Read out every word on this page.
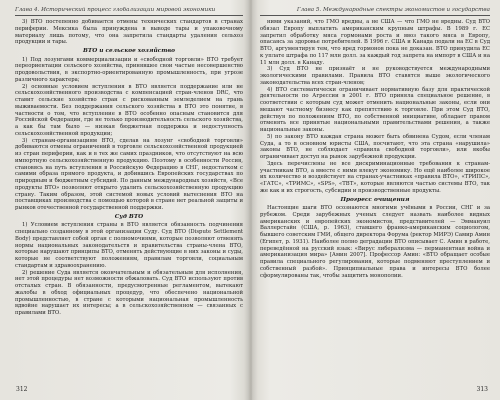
Глава 4. Исторический процесс глобализации мировой экономики
3) ВТО постепенно добивается отмены технических стандартов в странах периферии. Мексика была принуждена в выводе тары и упаковочному материалу лишь потому, что она запретила стандарты удаления сельхоз продукции и тары.
ВТО и сельское хозяйство
1) Под лозунгами коммерциализации и «свободной торговли» ВТО требует переориентации сельского хозяйства, принявшее свои частые несовершенство продовольствия, в экспортно-ориентированную промышленность, при угрозе различного характера;
2) основные условием вступления в ВТО является поддержание или не сельскохозяйственного производства с компенсацией стран-членов DRC, что ставит сельские хозяйство стран с рискованным земледелием на грань выживаемости. Без поддержания сельского хозяйства в ВТО это понятие, в частности о том, что вступление в ВТО особенно опасным становится для Российской Федерации, где не только производительность сельского хозяйства, а как бы там было — низкая бюджетная поддержка и недоступность сельскохозяйственной продукции;
3) странам-организациям ВТО, сделав на лозунг «свободной торговли» добиваются отмены ограничений в торговле сельскохозяйственной продукцией из стран периферии, как и в тех же самих праздников, что отсутствуют на всю импортную сельскохозяйственную продукцию. Поэтому в особенности Россия, становясь на путь вступления в Российскую Федерацию в СНГ, недостатком с самими образа прямого продукта, и добившись Европейских государствах по природным и бюджетным субсидий. По данным международных хозяйств, «Все продукты ВТО» позволяют открыто удалить сельскохозяйственную продукцию страну. Таким образом, этой системой новых условий вытеснения ВТО на поставщиках производства с помощью которой в стране нет реальной защиты и рынков отечественной государственной поддержки.
Суд ВТО
1) Условием вступления страны в ВТО является обязанность подчинения специально созданному в этой организации Суду. Суд ВТО (Dispute Settlement Body) представляет собой орган с полномочиями, которые позволяют отменять нормы национальных законодательств и правительства страны-члена ВТО, которые нарушают принципы ВТО, отменять действующие в них законы и суды, которые не соответствуют положениям, правилам торговли, социальным стандартам и здравоохранению.
2) решение Суда является окончательным и обязательным для исполнения, нет этой процедуры нет возможности обжаловать. Суд ВТО используют против отсталых стран. В обязанности, предусмотренные регламентом, вытекают жалобы в обход официальных процедур, что обеспечено национальной промышленностью, в стране с которыми национальная промышленность вдвойне нарушает их интересы; а в сельскохозяйственном — связанных с правилами ВТО.
312
Глава 5. Международные спектры экономистов и государства
ними указаний, что ГМО вредны, а не США — что ГМО не вредны. Суд ВТО обязал Европу выплатить американским крупным штрафы. В 1989 г. ЕС запретил обработку мяса гормонами роста и ввоз такого мяса в Европу, опасаясь за здоровье потребителей. В 1996 г. США и Канада подали на ЕС в Суд ВТО, аргументируя тем, что вред гормонов пока не доказан. ВТО принудила ЕС к уплате штрафа по 117 млн долл. за каждый год запрета на импорт в США и на 11 млн долл. в Канаду.
3) Суд ВТО не признаёт и не руководствуется международными экологическими правилами. Правила ВТО ставятся выше экологического законодательства всех стран-членов;
4) ВТО систематически ограничивает нормативную базу для практической деятельности по Агрессии в 2001 г. ВТО приняла специальное решение, в соответствии с которым суд может отменить национальные законы, если они мешают частному бизнесу как препятствию к торговле. При этом Суд ВТО, действуя по положениям ВТО, по собственной инициативе, обладает правом отменять все принятые национальными правительствами решения, а также национальные законы.
5) по закону ВТО каждая страна может быть обвинена Судом, если членам Суда, а то в основном юристы США, посчитают, что эта страна «нарушила» законы ВТО, не соблюдает «правила свободной торговли», или якобы ограничивает доступ на рынок зарубежной продукции.
Здесь перечислены не все дискриминационные требования к странам-участникам ВТО, а вместе с ними влекут экономику. Но ещё наиболее широкое их количество и воздействует на странах-участниках «правила ВТО», «ТРИПС», «ГАТС», «ТРИМС», «SPS», «ТВТ», которые являются частью системы ВТО, так же как и их строгость, субсидии и производственные продукты.
Прогресс очищения
Настоящие шаги ВТО осознаются многими учёными в России, СНГ и за рубежом. Среди зарубежных ученых следует назвать наиболее видных американских и европейских экономистов, представителей — Эммануил Валлерстайн (США, р. 1963), ставшего франко-американским социологом, бывшего советским ГМИ, общего директора Форума (ректор МИРЭ) Самир Амин (Египет, р. 1931). Наиболее полно деградации ВТО описывает С. Амин в работе, переведённой на русский язык: «Вирус либерализма — перманентная война и американизация мира» [Амин 2007]. Профессор Амин: «ВТО обращает особые правила специального регулирования, которые подменяют преступлением и собственный разбой». Принципиальные права и интересы ВТО более сформулированы так, чтобы защитить монополии.
313
